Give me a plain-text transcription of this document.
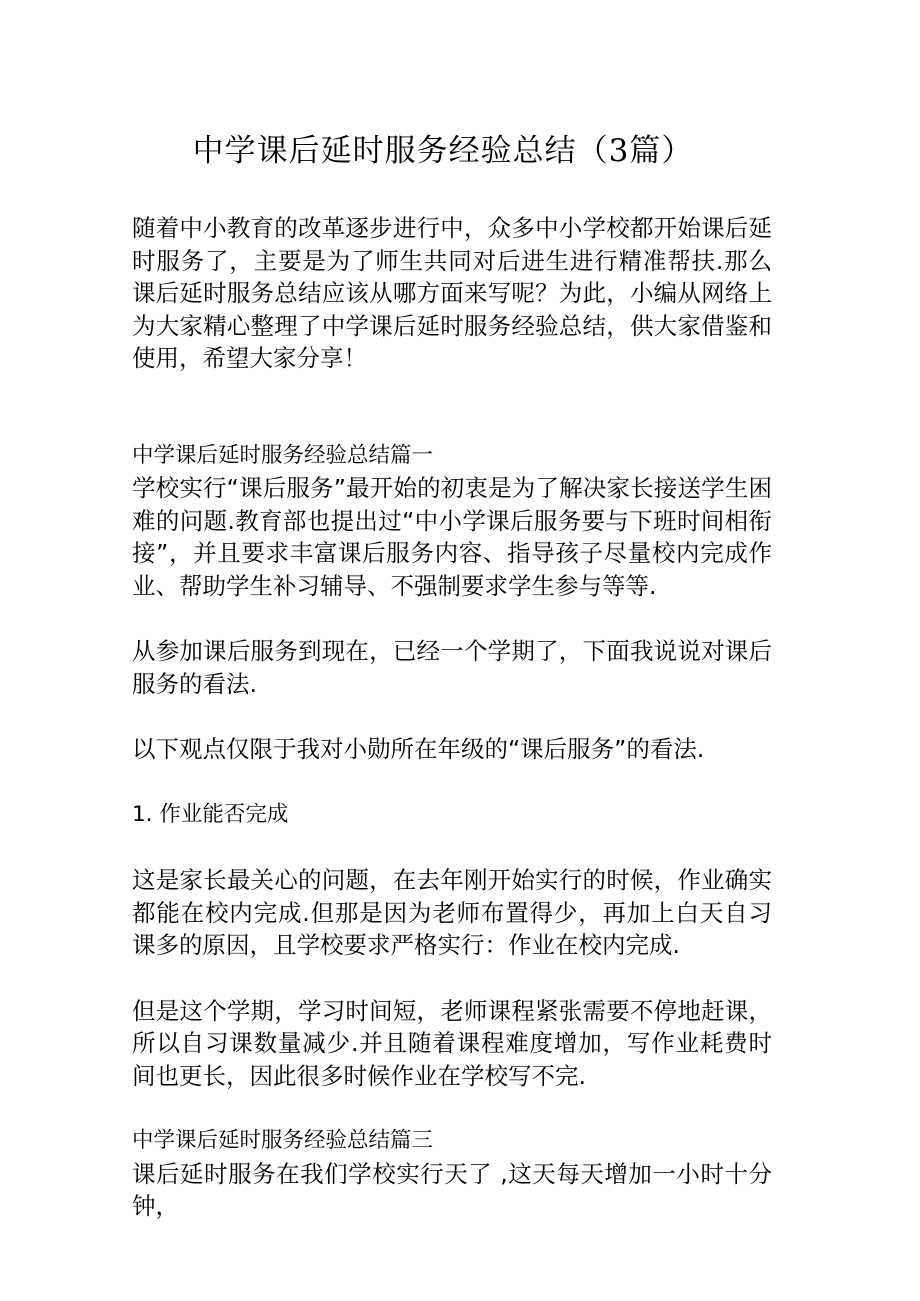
中学课后延时服务经验总结（3篇）

随着中小教育的改革逐步进行中，众多中小学校都开始课后延时服务了，主要是为了师生共同对后进生进行精准帮扶.那么课后延时服务总结应该从哪方面来写呢？为此，小编从网络上为大家精心整理了中学课后延时服务经验总结，供大家借鉴和使用，希望大家分享！

中学课后延时服务经验总结篇一

学校实行“课后服务”最开始的初衷是为了解决家长接送学生困难的问题.教育部也提出过“中小学课后服务要与下班时间相衔接”，并且要求丰富课后服务内容、指导孩子尽量校内完成作业、帮助学生补习辅导、不强制要求学生参与等等.

从参加课后服务到现在，已经一个学期了，下面我说说对课后服务的看法.

以下观点仅限于我对小勋所在年级的“课后服务”的看法.

1. 作业能否完成

这是家长最关心的问题，在去年刚开始实行的时候，作业确实都能在校内完成.但那是因为老师布置得少，再加上白天自习课多的原因，且学校要求严格实行：作业在校内完成.

但是这个学期，学习时间短，老师课程紧张需要不停地赶课，所以自习课数量减少.并且随着课程难度增加，写作业耗费时间也更长，因此很多时候作业在学校写不完.

中学课后延时服务经验总结篇三

课后延时服务在我们学校实行天了 ,这天每天增加一小时十分钟，
